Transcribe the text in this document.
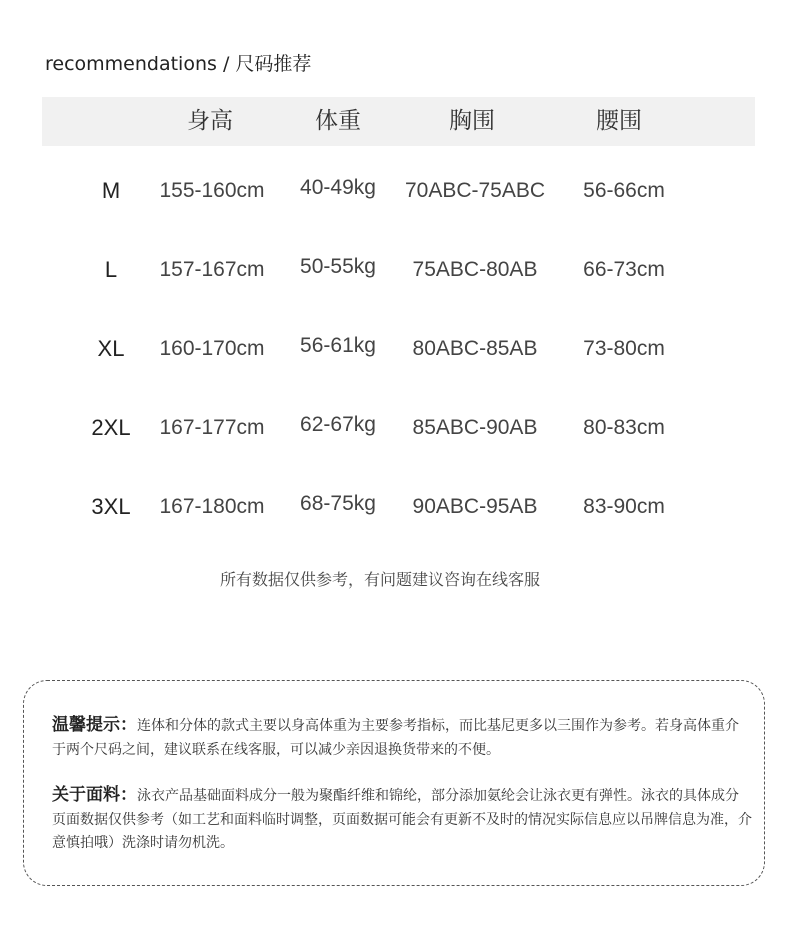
recommendations / 尺码推荐
身高	体重	胸围	腰围
M 155-160cm 40-49kg 70ABC-75ABC 56-66cm
L 157-167cm 50-55kg 75ABC-80AB 66-73cm
XL 160-170cm 56-61kg 80ABC-85AB 73-80cm
2XL 167-177cm 62-67kg 85ABC-90AB 80-83cm
3XL 167-180cm 68-75kg 90ABC-95AB 83-90cm
所有数据仅供参考，有问题建议咨询在线客服
温馨提示：连体和分体的款式主要以身高体重为主要参考指标，而比基尼更多以三围作为参考。若身高体重介于两个尺码之间，建议联系在线客服，可以减少亲因退换货带来的不便。
关于面料：泳衣产品基础面料成分一般为聚酯纤维和锦纶，部分添加氨纶会让泳衣更有弹性。泳衣的具体成分页面数据仅供参考（如工艺和面料临时调整，页面数据可能会有更新不及时的情况实际信息应以吊牌信息为准，介意慎拍哦）洗涤时请勿机洗。
